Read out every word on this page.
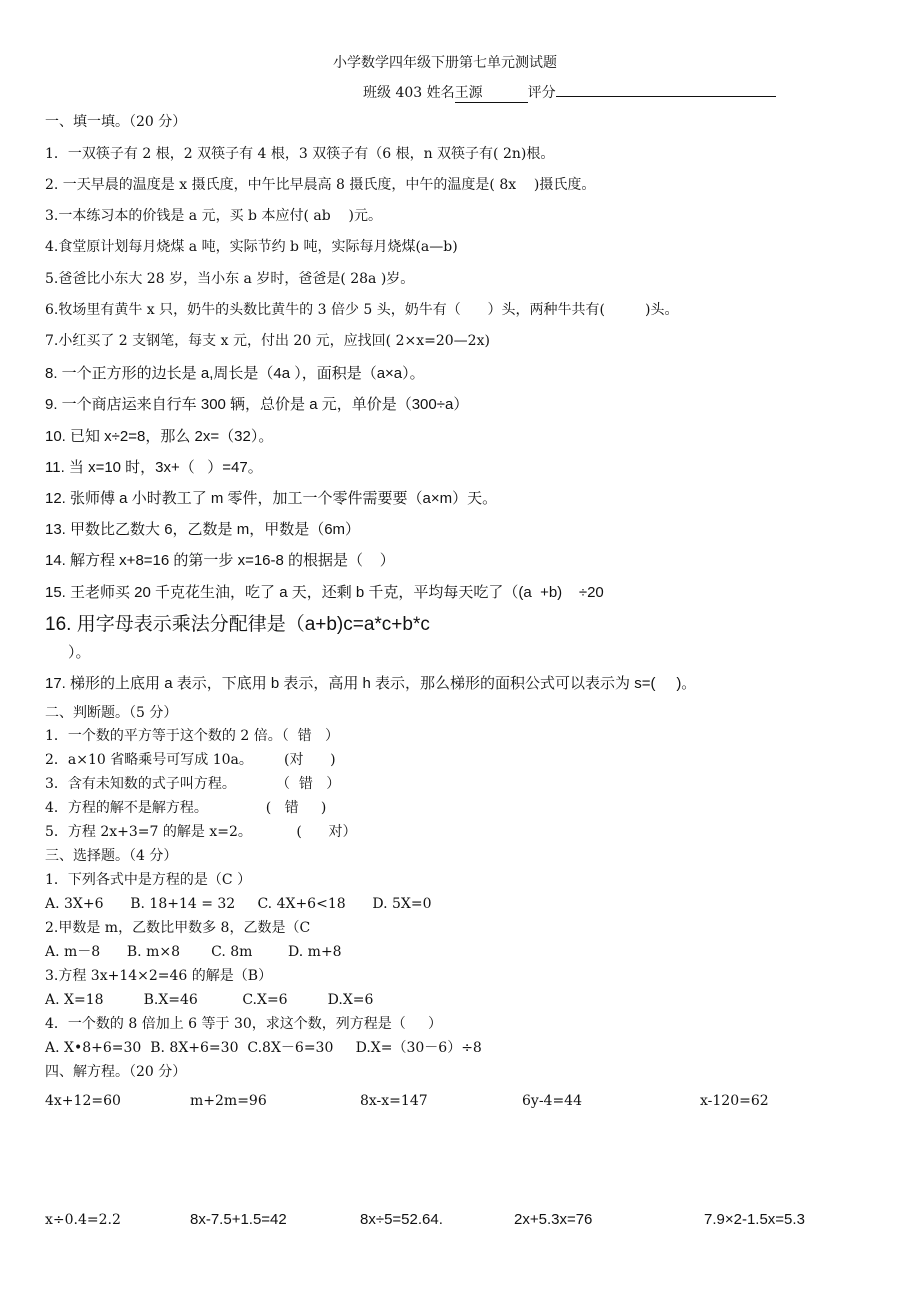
小学数学四年级下册第七单元测试题
班级 403 姓名王源	评分
一、填一填。（20 分）
1．一双筷子有 2 根，2 双筷子有 4 根，3 双筷子有（6 根，n 双筷子有( 2n)根。
2. 一天早晨的温度是 x 摄氏度，中午比早晨高 8 摄氏度，中午的温度是( 8x    )摄氏度。
3.一本练习本的价钱是 a 元，买 b 本应付( ab    )元。
4.食堂原计划每月烧煤 a 吨，实际节约 b 吨，实际每月烧煤(a—b)
5.爸爸比小东大 28 岁，当小东 a 岁时，爸爸是( 28a )岁。
6.牧场里有黄牛 x 只，奶牛的头数比黄牛的 3 倍少 5 头，奶牛有（      ）头，两种牛共有(         )头。
7.小红买了 2 支钢笔，每支 x 元，付出 20 元，应找回( 2×x=20—2x)
8. 一个正方形的边长是 a,周长是（4a ），面积是（a×a）。
9. 一个商店运来自行车 300 辆，总价是 a 元，单价是（300÷a）
10. 已知 x÷2=8，那么 2x=（32）。
11. 当 x=10 时，3x+（   ）=47。
12. 张师傅 a 小时教工了 m 零件，加工一个零件需要要（a×m）天。
13. 甲数比乙数大 6，乙数是 m，甲数是（6m）
14. 解方程 x+8=16 的第一步 x=16-8 的根据是（    ）
15. 王老师买 20 千克花生油，吃了 a 天，还剩 b 千克，平均每天吃了（(a  +b)    ÷20
16. 用字母表示乘法分配律是（a+b)c=a*c+b*c
）。
17. 梯形的上底用 a 表示，下底用 b 表示，高用 h 表示，那么梯形的面积公式可以表示为 s=(     )。
二、判断题。（5 分）
1．一个数的平方等于这个数的 2 倍。（  错   ）
2．a×10 省略乘号可写成 10a。       (对      )
3．含有未知数的式子叫方程。         （  错   ）
4．方程的解不是解方程。             (   错     )
5．方程 2x+3=7 的解是 x=2。          (      对）
三、选择题。（4 分）
1．下列各式中是方程的是（C ）
A. 3X+6      B. 18+14 = 32     C. 4X+6<18      D. 5X=0
2.甲数是 m，乙数比甲数多 8，乙数是（C
A. m－8      B. m×8       C. 8m        D. m+8
3.方程 3x+14×2=46 的解是（B）
A. X=18         B.X=46          C.X=6         D.X=6
4．一个数的 8 倍加上 6 等于 30，求这个数，列方程是（     ）
A. X•8+6=30  B. 8X+6=30  C.8X－6=30     D.X=（30－6）÷8
四、解方程。（20 分）
4x+12=60	m+2m=96	8x-x=147	6y-4=44	x-120=62
x÷0.4=2.2	8x-7.5+1.5=42	8x÷5=52.64.	2x+5.3x=76	7.9×2-1.5x=5.3
